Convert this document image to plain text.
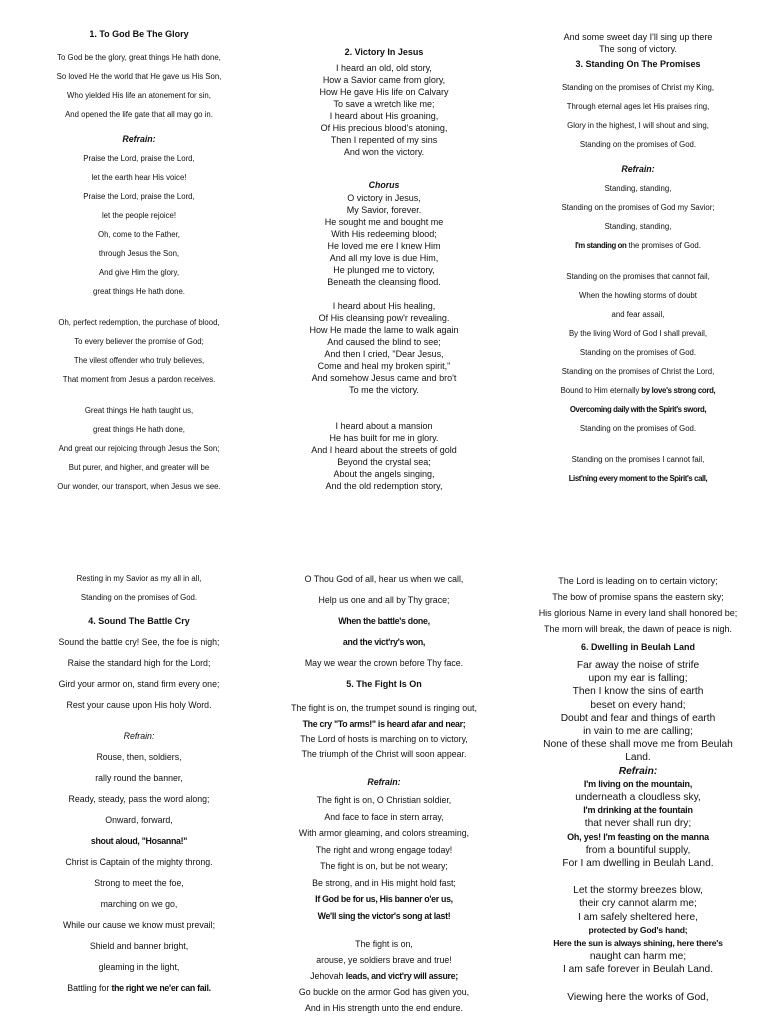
1. To God Be The Glory

To God be the glory, great things He hath done,

So loved He the world that He gave us His Son,

Who yielded His life an atonement for sin,

And opened the life gate that all may go in.

Refrain:

Praise the Lord, praise the Lord,

let the earth hear His voice!

Praise the Lord, praise the Lord,

let the people rejoice!

Oh, come to the Father,

through Jesus the Son,

And give Him the glory,

great things He hath done.

Oh, perfect redemption, the purchase of blood,

To every believer the promise of God;

The vilest offender who truly believes,

That moment from Jesus a pardon receives.

Great things He hath taught us,

great things He hath done,

And great our rejoicing through Jesus the Son;

But purer, and higher, and greater will be

Our wonder, our transport, when Jesus we see.

2. Victory In Jesus

I heard an old, old story,

How a Savior came from glory,

How He gave His life on Calvary

To save a wretch like me;

I heard about His groaning,

Of His precious blood's atoning,

Then I repented of my sins

And won the victory.

Chorus

O victory in Jesus,

My Savior, forever.

He sought me and bought me

With His redeeming blood;

He loved me ere I knew Him

And all my love is due Him,

He plunged me to victory,

Beneath the cleansing flood.

I heard about His healing,

Of His cleansing pow'r revealing.

How He made the lame to walk again

And caused the blind to see;

And then I cried, "Dear Jesus,

Come and heal my broken spirit,"

And somehow Jesus came and bro't

To me the victory.

I heard about a mansion

He has built for me in glory.

And I heard about the streets of gold

Beyond the crystal sea;

About the angels singing,

And the old redemption story,

And some sweet day I'll sing up there

The song of victory.

3. Standing On The Promises

Standing on the promises of Christ my King,

Through eternal ages let His praises ring,

Glory in the highest, I will shout and sing,

Standing on the promises of God.

Refrain:

Standing, standing,

Standing on the promises of God my Savior;

Standing, standing,

I'm standing on the promises of God.

Standing on the promises that cannot fail,

When the howling storms of doubt

and fear assail,

By the living Word of God I shall prevail,

Standing on the promises of God.

Standing on the promises of Christ the Lord,

Bound to Him eternally by love's strong cord,

Overcoming daily with the Spirit's sword,

Standing on the promises of God.

Standing on the promises I cannot fail,

List'ning every moment to the Spirit's call,

Resting in my Savior as my all in all,

Standing on the promises of God.

4. Sound The Battle Cry

Sound the battle cry! See, the foe is nigh;

Raise the standard high for the Lord;

Gird your armor on, stand firm every one;

Rest your cause upon His holy Word.

Refrain:

Rouse, then, soldiers,

rally round the banner,

Ready, steady, pass the word along;

Onward, forward,

shout aloud, "Hosanna!"

Christ is Captain of the mighty throng.

Strong to meet the foe,

marching on we go,

While our cause we know must prevail;

Shield and banner bright,

gleaming in the light,

Battling for the right we ne'er can fail.

O Thou God of all, hear us when we call,

Help us one and all by Thy grace;

When the battle's done,

and the vict'ry's won,

May we wear the crown before Thy face.

5. The Fight Is On

The fight is on, the trumpet sound is ringing out,

The cry "To arms!" is heard afar and near;

The Lord of hosts is marching on to victory,

The triumph of the Christ will soon appear.

Refrain:

The fight is on, O Christian soldier,

And face to face in stern array,

With armor gleaming, and colors streaming,

The right and wrong engage today!

The fight is on, but be not weary;

Be strong, and in His might hold fast;

If God be for us, His banner o'er us,

We'll sing the victor's song at last!

The fight is on,

arouse, ye soldiers brave and true!

Jehovah leads, and vict'ry will assure;

Go buckle on the armor God has given you,

And in His strength unto the end endure.

The Lord is leading on to certain victory;

The bow of promise spans the eastern sky;

His glorious Name in every land shall honored be;

The morn will break, the dawn of peace is nigh.

6. Dwelling in Beulah Land

Far away the noise of strife

upon my ear is falling;

Then I know the sins of earth

beset on every hand;

Doubt and fear and things of earth

in vain to me are calling;

None of these shall move me from Beulah

Land.

Refrain:

I'm living on the mountain,

underneath a cloudless sky,

I'm drinking at the fountain

that never shall run dry;

Oh, yes! I'm feasting on the manna

from a bountiful supply,

For I am dwelling in Beulah Land.

Let the stormy breezes blow,

their cry cannot alarm me;

I am safely sheltered here,

protected by God's hand;

Here the sun is always shining, here there's

naught can harm me;

I am safe forever in Beulah Land.

Viewing here the works of God,
